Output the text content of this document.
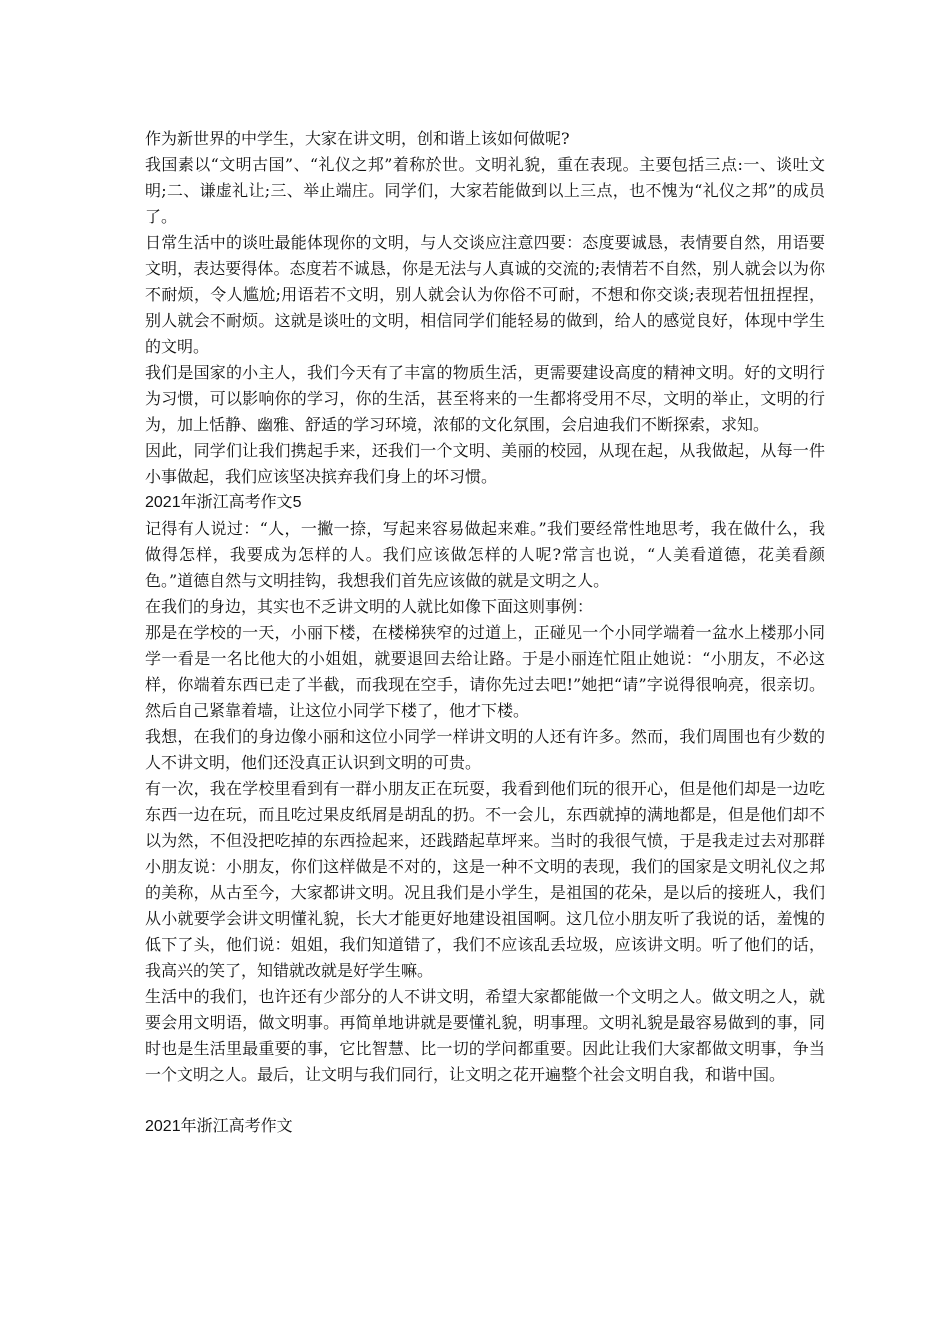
作为新世界的中学生，大家在讲文明，创和谐上该如何做呢?

我国素以“文明古国”、“礼仪之邦”着称於世。文明礼貌，重在表现。主要包括三点:一、谈吐文明;二、谦虚礼让;三、举止端庄。同学们，大家若能做到以上三点，也不愧为“礼仪之邦”的成员了。

日常生活中的谈吐最能体现你的文明，与人交谈应注意四要：态度要诚恳，表情要自然，用语要文明，表达要得体。态度若不诚恳，你是无法与人真诚的交流的;表情若不自然，别人就会以为你不耐烦，令人尴尬;用语若不文明，别人就会认为你俗不可耐，不想和你交谈;表现若忸扭捏捏，别人就会不耐烦。这就是谈吐的文明，相信同学们能轻易的做到，给人的感觉良好，体现中学生的文明。

我们是国家的小主人，我们今天有了丰富的物质生活，更需要建设高度的精神文明。好的文明行为习惯，可以影响你的学习，你的生活，甚至将来的一生都将受用不尽，文明的举止，文明的行为，加上恬静、幽雅、舒适的学习环境，浓郁的文化氛围，会启迪我们不断探索，求知。

因此，同学们让我们携起手来，还我们一个文明、美丽的校园，从现在起，从我做起，从每一件小事做起，我们应该坚决摈弃我们身上的坏习惯。

2021年浙江高考作文5

记得有人说过：“人，一撇一捺，写起来容易做起来难。”我们要经常性地思考，我在做什么，我做得怎样，我要成为怎样的人。我们应该做怎样的人呢?常言也说，“人美看道德，花美看颜色。”道德自然与文明挂钩，我想我们首先应该做的就是文明之人。

在我们的身边，其实也不乏讲文明的人就比如像下面这则事例：

那是在学校的一天，小丽下楼，在楼梯狭窄的过道上，正碰见一个小同学端着一盆水上楼那小同学一看是一名比他大的小姐姐，就要退回去给让路。于是小丽连忙阻止她说：“小朋友，不必这样，你端着东西已走了半截，而我现在空手，请你先过去吧!”她把“请”字说得很响亮，很亲切。然后自己紧靠着墙，让这位小同学下楼了，他才下楼。

我想，在我们的身边像小丽和这位小同学一样讲文明的人还有许多。然而，我们周围也有少数的人不讲文明，他们还没真正认识到文明的可贵。

有一次，我在学校里看到有一群小朋友正在玩耍，我看到他们玩的很开心，但是他们却是一边吃东西一边在玩，而且吃过果皮纸屑是胡乱的扔。不一会儿，东西就掉的满地都是，但是他们却不以为然，不但没把吃掉的东西捡起来，还践踏起草坪来。当时的我很气愤，于是我走过去对那群小朋友说：小朋友，你们这样做是不对的，这是一种不文明的表现，我们的国家是文明礼仪之邦的美称，从古至今，大家都讲文明。况且我们是小学生，是祖国的花朵，是以后的接班人，我们从小就要学会讲文明懂礼貌，长大才能更好地建设祖国啊。这几位小朋友听了我说的话，羞愧的低下了头，他们说：姐姐，我们知道错了，我们不应该乱丢垃圾，应该讲文明。听了他们的话，我高兴的笑了，知错就改就是好学生嘛。

生活中的我们，也许还有少部分的人不讲文明，希望大家都能做一个文明之人。做文明之人，就要会用文明语，做文明事。再简单地讲就是要懂礼貌，明事理。文明礼貌是最容易做到的事，同时也是生活里最重要的事，它比智慧、比一切的学问都重要。因此让我们大家都做文明事，争当一个文明之人。最后，让文明与我们同行，让文明之花开遍整个社会文明自我，和谐中国。

2021年浙江高考作文
